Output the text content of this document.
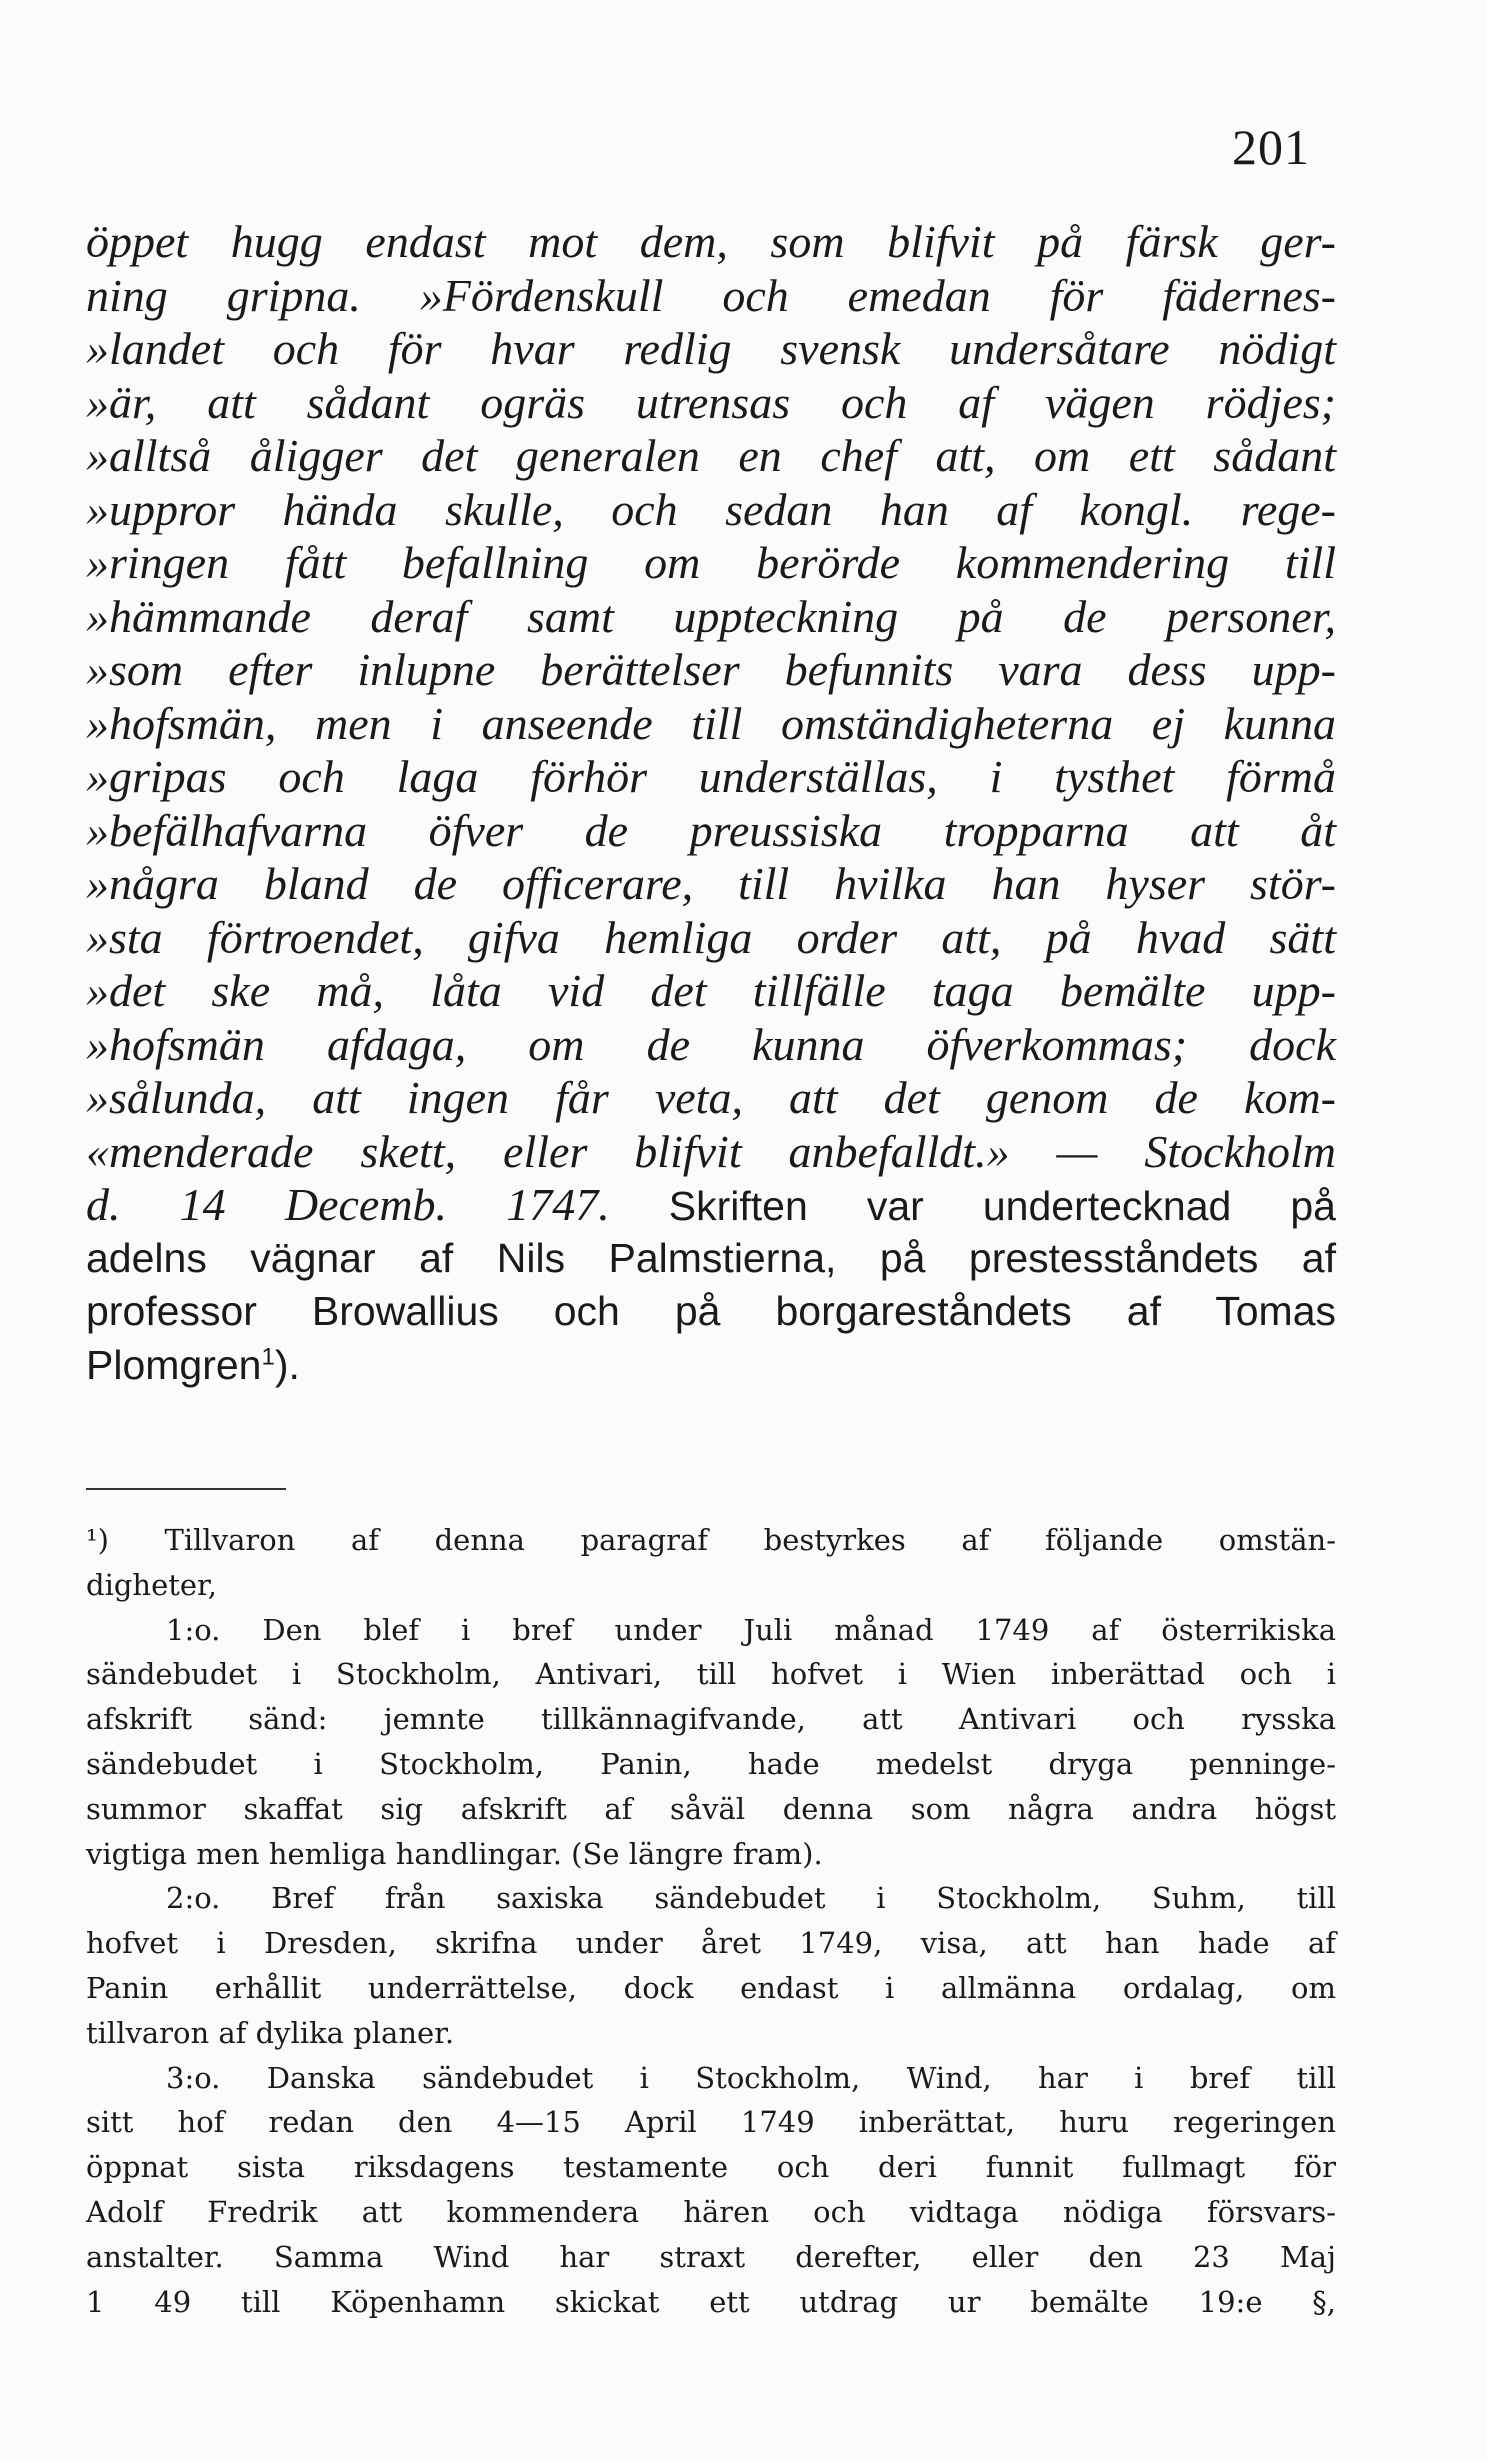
201
öppet hugg endast mot dem, som blifvit på färsk ger-
ning gripna. »Fördenskull och emedan för fädernes-
»landet och för hvar redlig svensk undersåtare nödigt
»är, att sådant ogräs utrensas och af vägen rödjes;
»alltså åligger det generalen en chef att, om ett sådant
»uppror hända skulle, och sedan han af kongl. rege-
»ringen fått befallning om berörde kommendering till
»hämmande deraf samt uppteckning på de personer,
»som efter inlupne berättelser befunnits vara dess upp-
»hofsmän, men i anseende till omständigheterna ej kunna
»gripas och laga förhör underställas, i tysthet förmå
»befälhafvarna öfver de preussiska tropparna att åt
»några bland de officerare, till hvilka han hyser stör-
»sta förtroendet, gifva hemliga order att, på hvad sätt
»det ske må, låta vid det tillfälle taga bemälte upp-
»hofsmän afdaga, om de kunna öfverkommas; dock
»sålunda, att ingen får veta, att det genom de kom-
«menderade skett, eller blifvit anbefalldt.» — Stockholm
d. 14 Decemb. 1747. Skriften var undertecknad på
adelns vägnar af Nils Palmstierna, på prestesståndets af
professor Browallius och på borgareståndets af Tomas
Plomgren$^1$).
¹) Tillvaron af denna paragraf bestyrkes af följande omstän-
digheter,
1:o. Den blef i bref under Juli månad 1749 af österrikiska
sändebudet i Stockholm, Antivari, till hofvet i Wien inberättad och i
afskrift sänd: jemnte tillkännagifvande, att Antivari och rysska
sändebudet i Stockholm, Panin, hade medelst dryga penninge-
summor skaffat sig afskrift af såväl denna som några andra högst
vigtiga men hemliga handlingar. (Se längre fram).
2:o. Bref från saxiska sändebudet i Stockholm, Suhm, till
hofvet i Dresden, skrifna under året 1749, visa, att han hade af
Panin erhållit underrättelse, dock endast i allmänna ordalag, om
tillvaron af dylika planer.
3:o. Danska sändebudet i Stockholm, Wind, har i bref till
sitt hof redan den 4—15 April 1749 inberättat, huru regeringen
öppnat sista riksdagens testamente och deri funnit fullmagt för
Adolf Fredrik att kommendera hären och vidtaga nödiga försvars-
anstalter. Samma Wind har straxt derefter, eller den 23 Maj
1 49 till Köpenhamn skickat ett utdrag ur bemälte 19:e §,
